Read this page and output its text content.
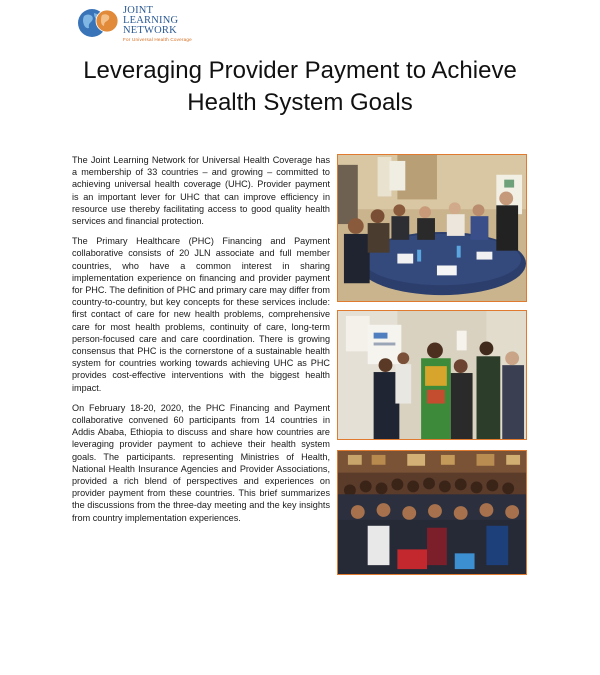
JOINT
LEARNING
NETWORK
For Universal Health Coverage
Leveraging Provider Payment to Achieve
Health System Goals

The Joint Learning Network for Universal Health Coverage has a membership of 33 countries – and growing – committed to achieving universal health coverage (UHC). Provider payment is an important lever for UHC that can improve efficiency in resource use thereby facilitating access to good quality health services and financial protection.

The Primary Healthcare (PHC) Financing and Payment collaborative consists of 20 JLN associate and full member countries, who have a common interest in sharing implementation experience on financing and provider payment for PHC. The definition of PHC and primary care may differ from country-to-country, but key concepts for these services include: first contact of care for new health problems, comprehensive care for most health problems, continuity of care, long-term person-focused care and care coordination. There is growing consensus that PHC is the cornerstone of a sustainable health system for countries working towards achieving UHC as PHC provides cost-effective interventions with the biggest health impact.

On February 18-20, 2020, the PHC Financing and Payment collaborative convened 60 participants from 14 countries in Addis Ababa, Ethiopia to discuss and share how countries are leveraging provider payment to achieve their health system goals. The participants. representing Ministries of Health, National Health Insurance Agencies and Provider Associations, provided a rich blend of perspectives and experiences on provider payment from these countries. This brief summarizes the discussions from the three-day meeting and the key insights from country implementation experiences.
